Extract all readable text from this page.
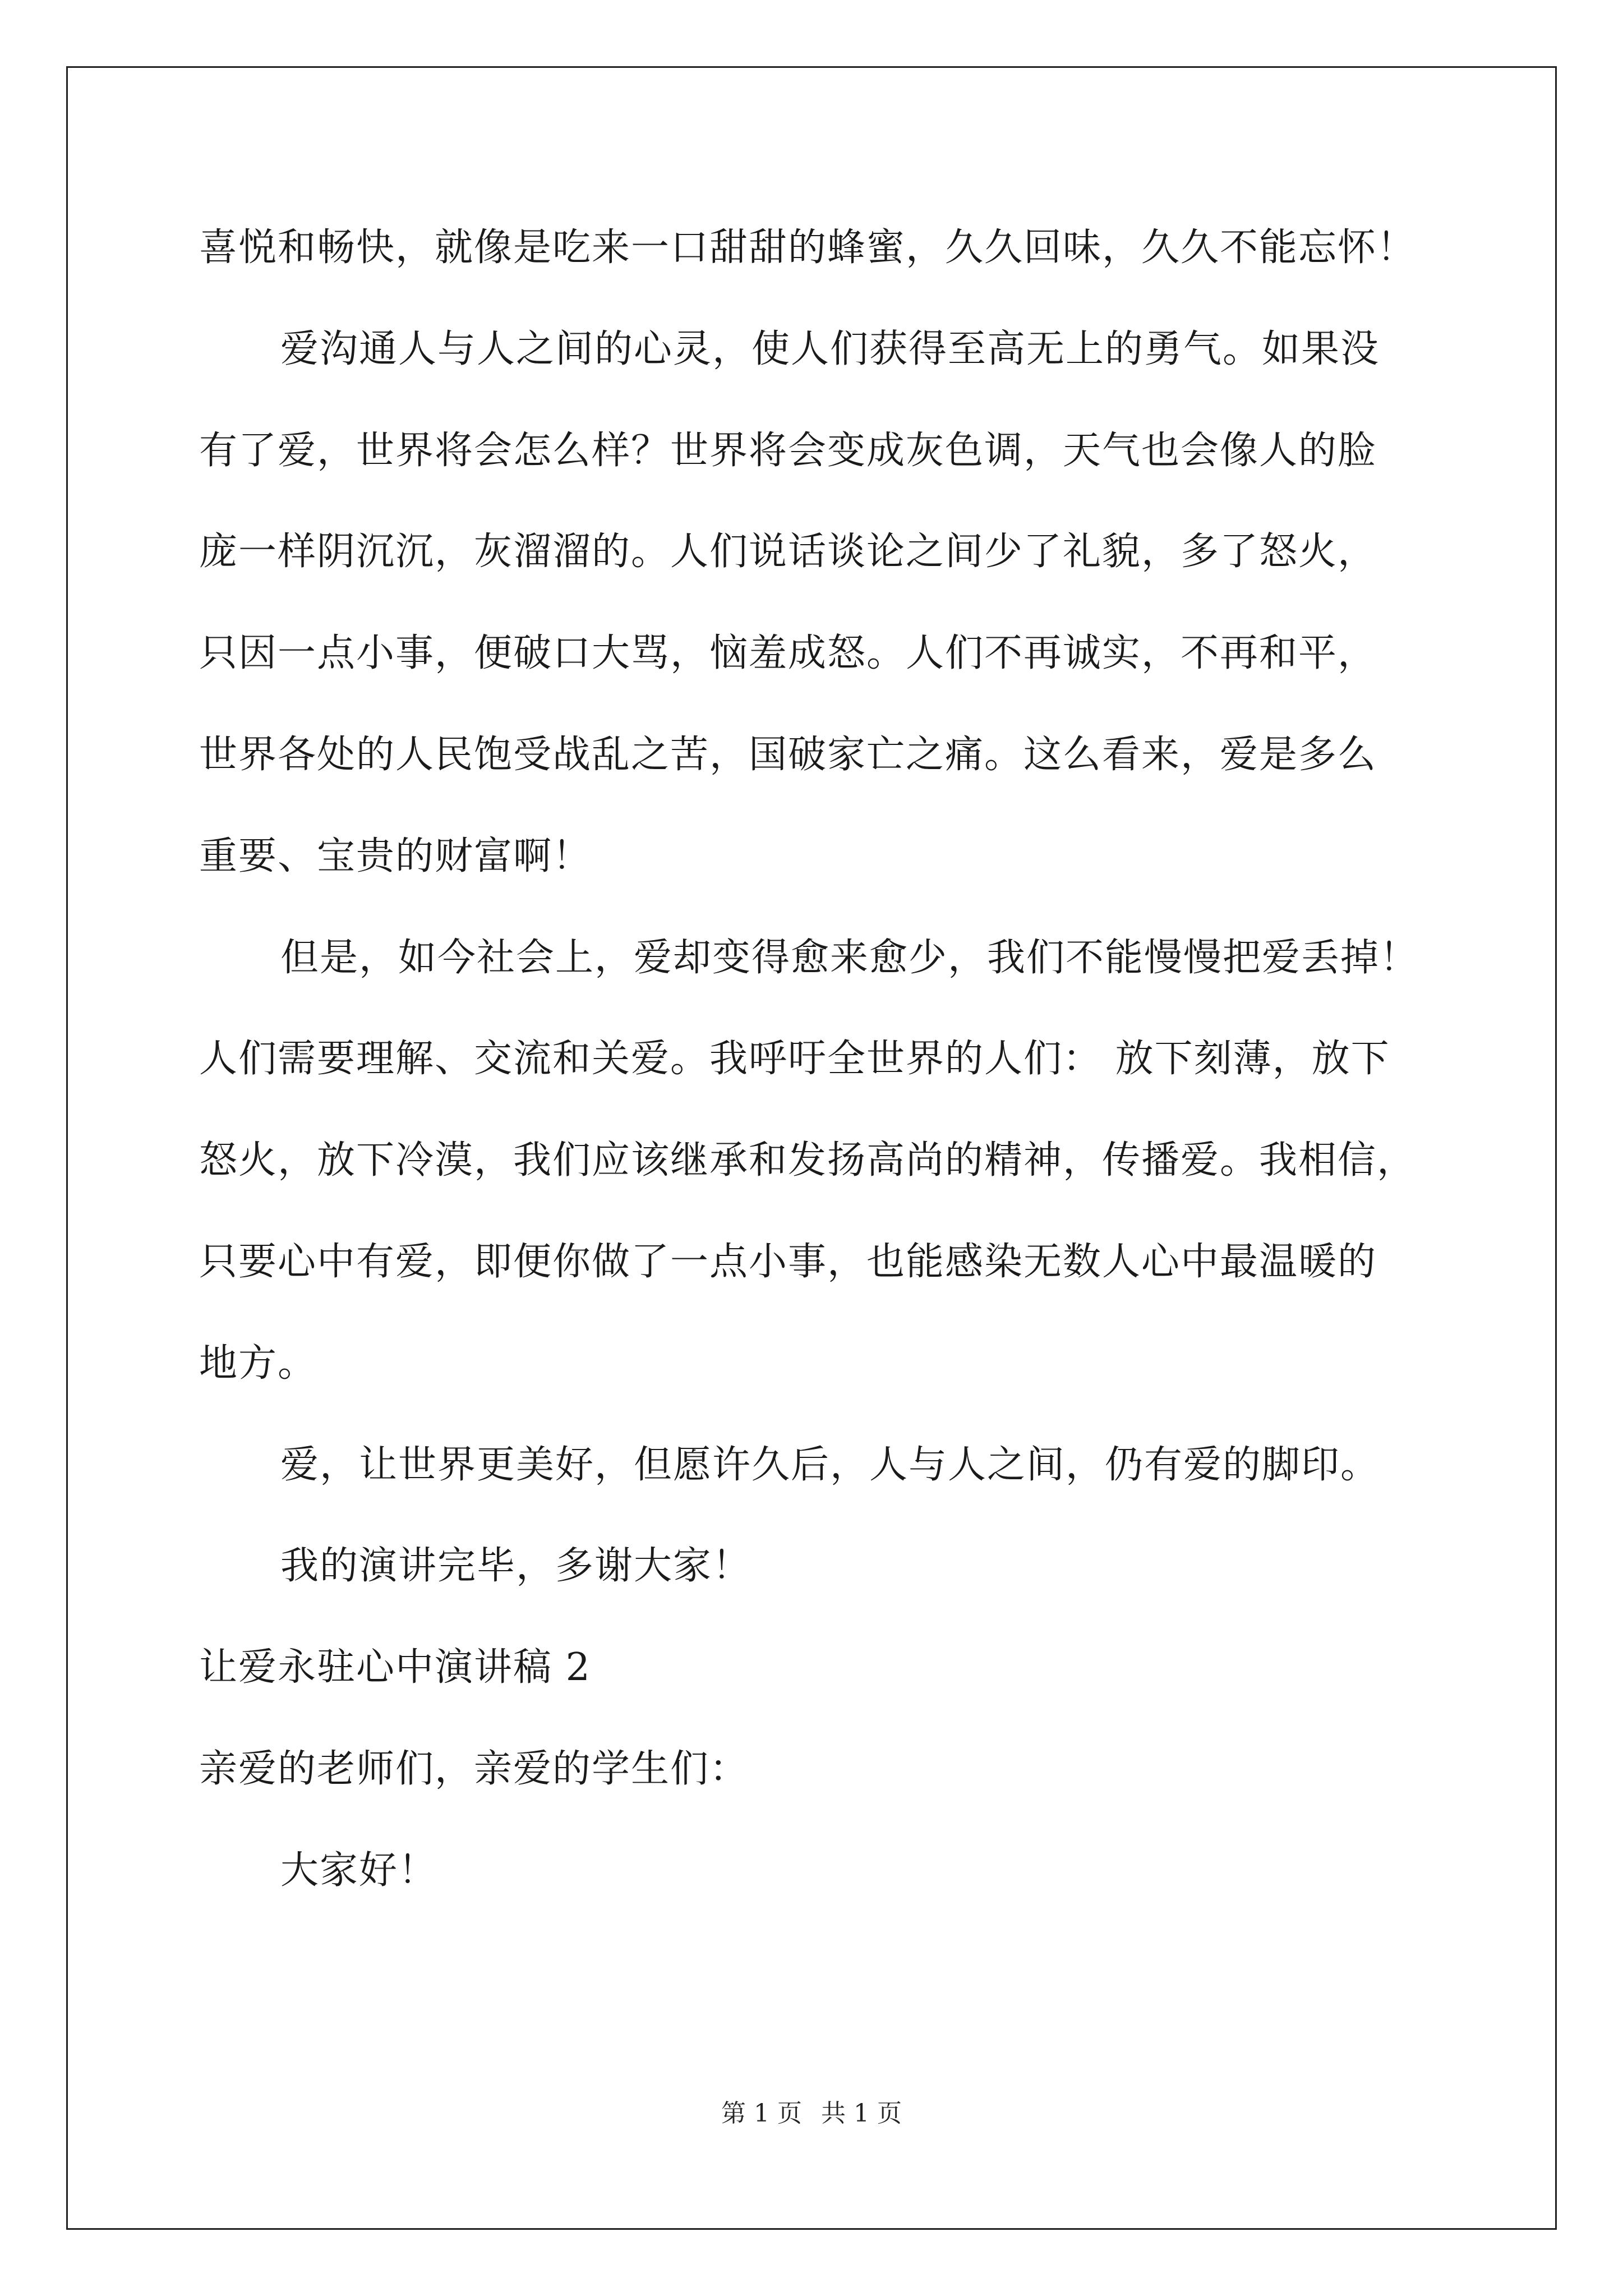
喜悦和畅快，就像是吃来一口甜甜的蜂蜜，久久回味，久久不能忘怀！
爱沟通人与人之间的心灵，使人们获得至高无上的勇气。如果没
有了爱，世界将会怎么样？世界将会变成灰色调，天气也会像人的脸
庞一样阴沉沉，灰溜溜的。人们说话谈论之间少了礼貌，多了怒火，
只因一点小事，便破口大骂，恼羞成怒。人们不再诚实，不再和平，
世界各处的人民饱受战乱之苦，国破家亡之痛。这么看来，爱是多么
重要、宝贵的财富啊！
但是，如今社会上，爱却变得愈来愈少，我们不能慢慢把爱丢掉！
人们需要理解、交流和关爱。我呼吁全世界的人们： 放下刻薄，放下
怒火，放下冷漠，我们应该继承和发扬高尚的精神，传播爱。我相信，
只要心中有爱，即便你做了一点小事，也能感染无数人心中最温暖的
地方。
爱，让世界更美好，但愿许久后，人与人之间，仍有爱的脚印。
我的演讲完毕，多谢大家！
让爱永驻心中演讲稿 2
亲爱的老师们，亲爱的学生们：
大家好！
第 1 页 共 1 页
